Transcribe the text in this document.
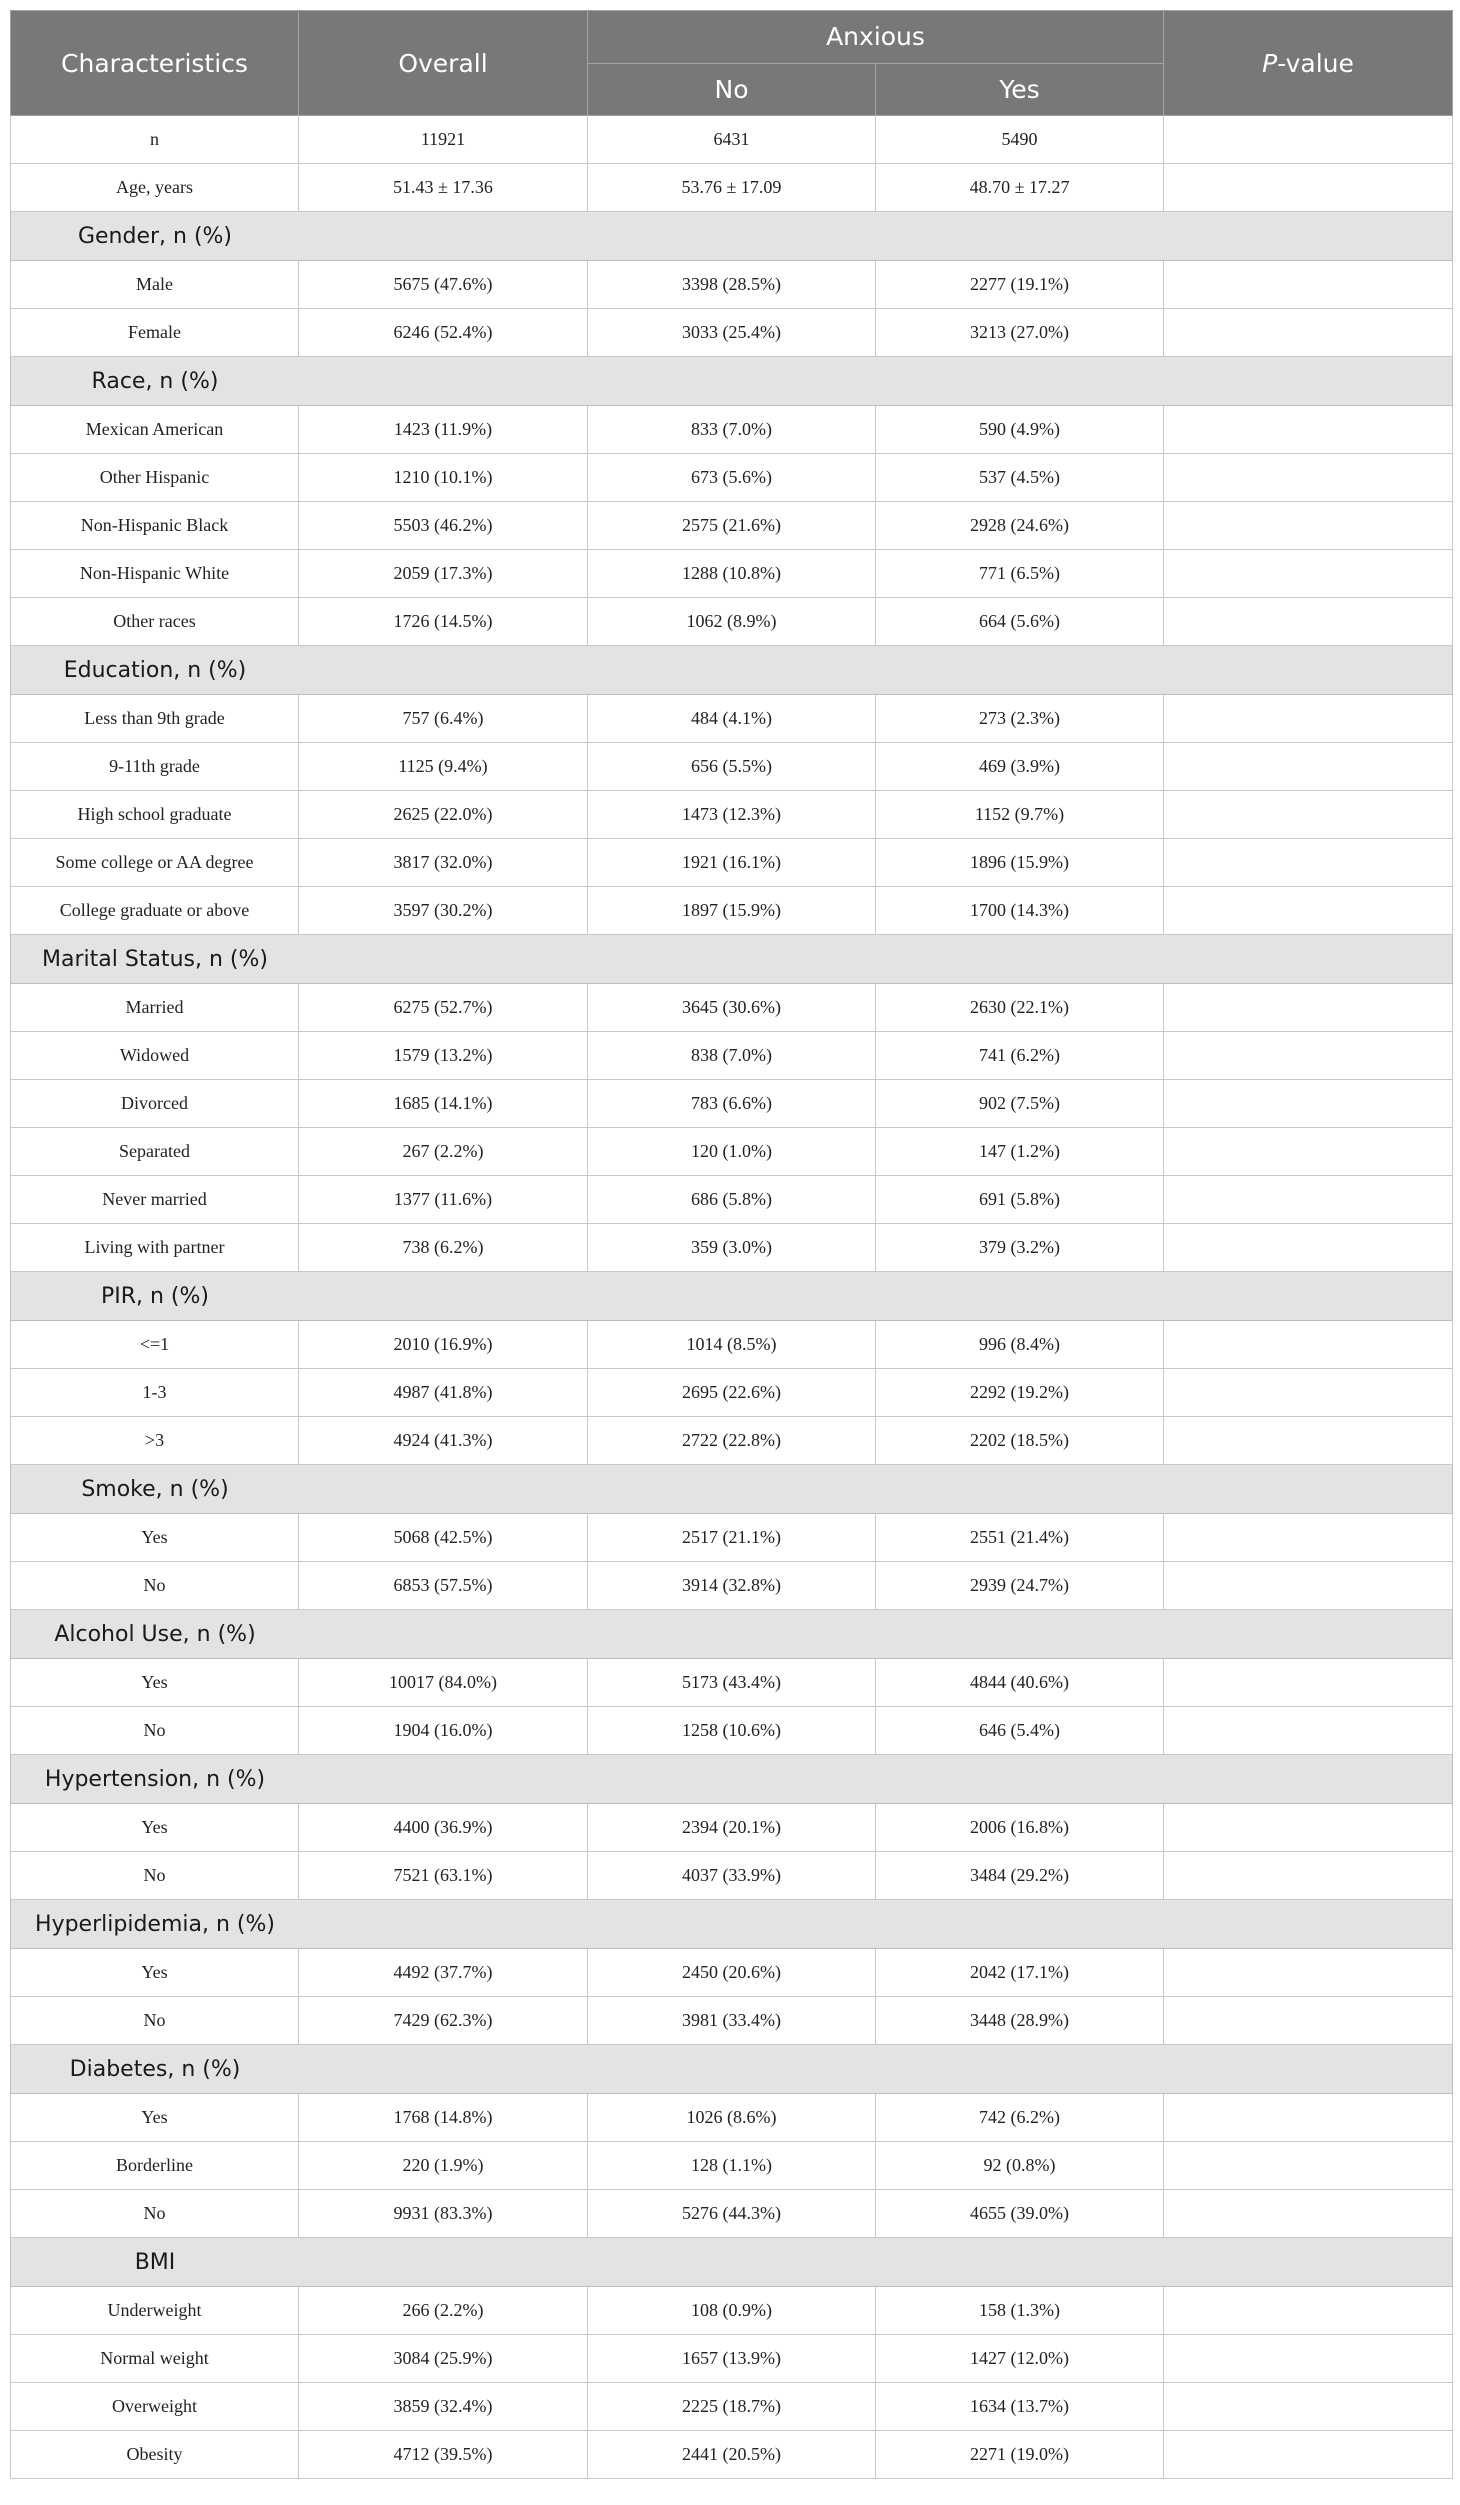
Characteristics	Overall	Anxious		P-value
		No	Yes	
n	11921	6431	5490	
Age, years	51.43 ± 17.36	53.76 ± 17.09	48.70 ± 17.27	
Gender, n (%)				
Male	5675 (47.6%)	3398 (28.5%)	2277 (19.1%)	
Female	6246 (52.4%)	3033 (25.4%)	3213 (27.0%)	
Race, n (%)				
Mexican American	1423 (11.9%)	833 (7.0%)	590 (4.9%)	
Other Hispanic	1210 (10.1%)	673 (5.6%)	537 (4.5%)	
Non-Hispanic Black	5503 (46.2%)	2575 (21.6%)	2928 (24.6%)	
Non-Hispanic White	2059 (17.3%)	1288 (10.8%)	771 (6.5%)	
Other races	1726 (14.5%)	1062 (8.9%)	664 (5.6%)	
Education, n (%)				
Less than 9th grade	757 (6.4%)	484 (4.1%)	273 (2.3%)	
9-11th grade	1125 (9.4%)	656 (5.5%)	469 (3.9%)	
High school graduate	2625 (22.0%)	1473 (12.3%)	1152 (9.7%)	
Some college or AA degree	3817 (32.0%)	1921 (16.1%)	1896 (15.9%)	
College graduate or above	3597 (30.2%)	1897 (15.9%)	1700 (14.3%)	
Marital Status, n (%)				
Married	6275 (52.7%)	3645 (30.6%)	2630 (22.1%)	
Widowed	1579 (13.2%)	838 (7.0%)	741 (6.2%)	
Divorced	1685 (14.1%)	783 (6.6%)	902 (7.5%)	
Separated	267 (2.2%)	120 (1.0%)	147 (1.2%)	
Never married	1377 (11.6%)	686 (5.8%)	691 (5.8%)	
Living with partner	738 (6.2%)	359 (3.0%)	379 (3.2%)	
PIR, n (%)				
<=1	2010 (16.9%)	1014 (8.5%)	996 (8.4%)	
1-3	4987 (41.8%)	2695 (22.6%)	2292 (19.2%)	
>3	4924 (41.3%)	2722 (22.8%)	2202 (18.5%)	
Smoke, n (%)				
Yes	5068 (42.5%)	2517 (21.1%)	2551 (21.4%)	
No	6853 (57.5%)	3914 (32.8%)	2939 (24.7%)	
Alcohol Use, n (%)				
Yes	10017 (84.0%)	5173 (43.4%)	4844 (40.6%)	
No	1904 (16.0%)	1258 (10.6%)	646 (5.4%)	
Hypertension, n (%)				
Yes	4400 (36.9%)	2394 (20.1%)	2006 (16.8%)	
No	7521 (63.1%)	4037 (33.9%)	3484 (29.2%)	
Hyperlipidemia, n (%)				
Yes	4492 (37.7%)	2450 (20.6%)	2042 (17.1%)	
No	7429 (62.3%)	3981 (33.4%)	3448 (28.9%)	
Diabetes, n (%)				
Yes	1768 (14.8%)	1026 (8.6%)	742 (6.2%)	
Borderline	220 (1.9%)	128 (1.1%)	92 (0.8%)	
No	9931 (83.3%)	5276 (44.3%)	4655 (39.0%)	
BMI				
Underweight	266 (2.2%)	108 (0.9%)	158 (1.3%)	
Normal weight	3084 (25.9%)	1657 (13.9%)	1427 (12.0%)	
Overweight	3859 (32.4%)	2225 (18.7%)	1634 (13.7%)	
Obesity	4712 (39.5%)	2441 (20.5%)	2271 (19.0%)	
